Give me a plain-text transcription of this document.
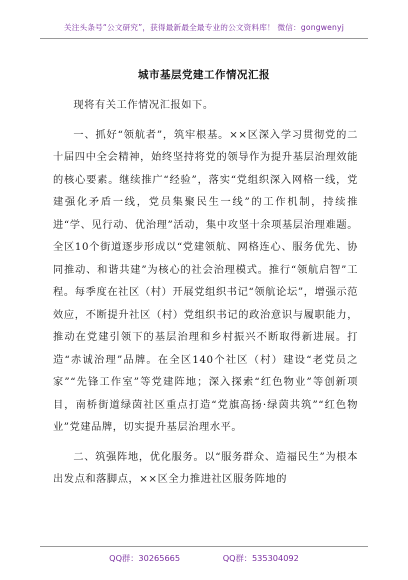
关注头条号“公文研究”，获得最新最全最专业的公文资料库！ 微信：gongwenyj
城市基层党建工作情况汇报

现将有关工作情况汇报如下。

一、抓好“领航者”，筑牢根基。××区深入学习贯彻党的二十届四中全会精神，始终坚持将党的领导作为提升基层治理效能的核心要素。继续推广“经验”，落实“党组织深入网格一线，党建强化矛盾一线，党员集聚民生一线”的工作机制，持续推进“学、见行动、优治理”活动，集中攻坚十余项基层治理难题。全区10个街道逐步形成以“党建领航、网格连心、服务优先、协同推动、和谐共建”为核心的社会治理模式。推行“领航启智”工程。每季度在社区（村）开展党组织书记“领航论坛”，增强示范效应，不断提升社区（村）党组织书记的政治意识与履职能力，推动在党建引领下的基层治理和乡村振兴不断取得新进展。打造“赤诚治理”品牌。在全区140个社区（村）建设“老党员之家”“先锋工作室”等党建阵地；深入探索“红色物业”等创新项目，南桥街道绿茵社区重点打造“党旗高扬·绿茵共筑”“红色物业”党建品牌，切实提升基层治理水平。

二、筑强阵地，优化服务。以“服务群众、造福民生”为根本出发点和落脚点，××区全力推进社区服务阵地的

QQ群：30265665	QQ群：535304092
